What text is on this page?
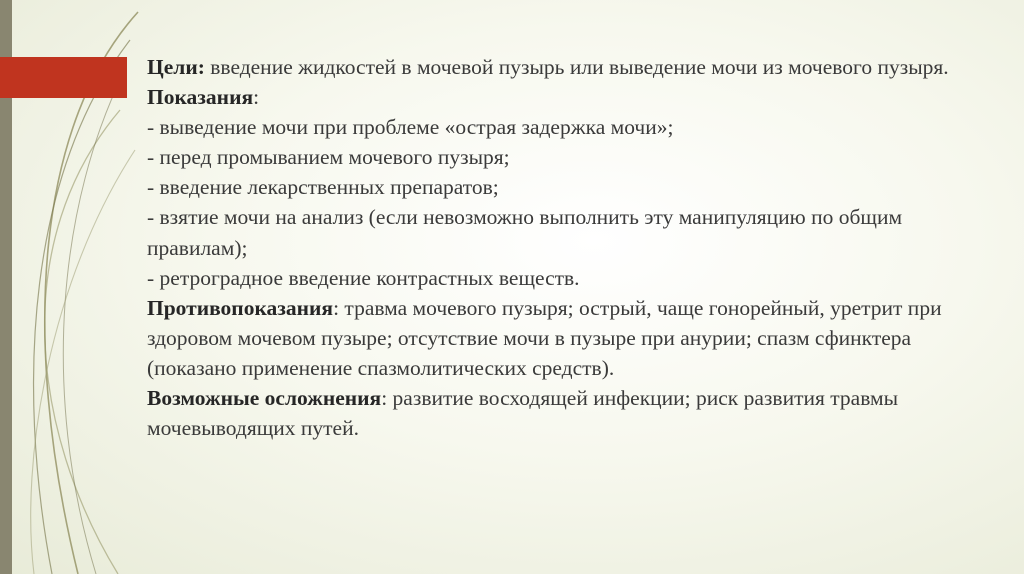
Цели: введение жидкостей в мочевой пузырь или выведение мочи из мочевого пузыря.

Показания:

- выведение мочи при проблеме «острая задержка мочи»;

- перед промыванием мочевого пузыря;

- введение лекарственных препаратов;

- взятие мочи на анализ (если невозможно выполнить эту манипуляцию по общим правилам);

- ретроградное введение контрастных веществ.

Противопоказания: травма мочевого пузыря; острый, чаще гонорейный, уретрит при здоровом мочевом пузыре; отсутствие мочи в пузыре при анурии; спазм сфинктера (показано применение спазмолитических средств).

Возможные осложнения: развитие восходящей инфекции; риск развития травмы мочевыводящих путей.
